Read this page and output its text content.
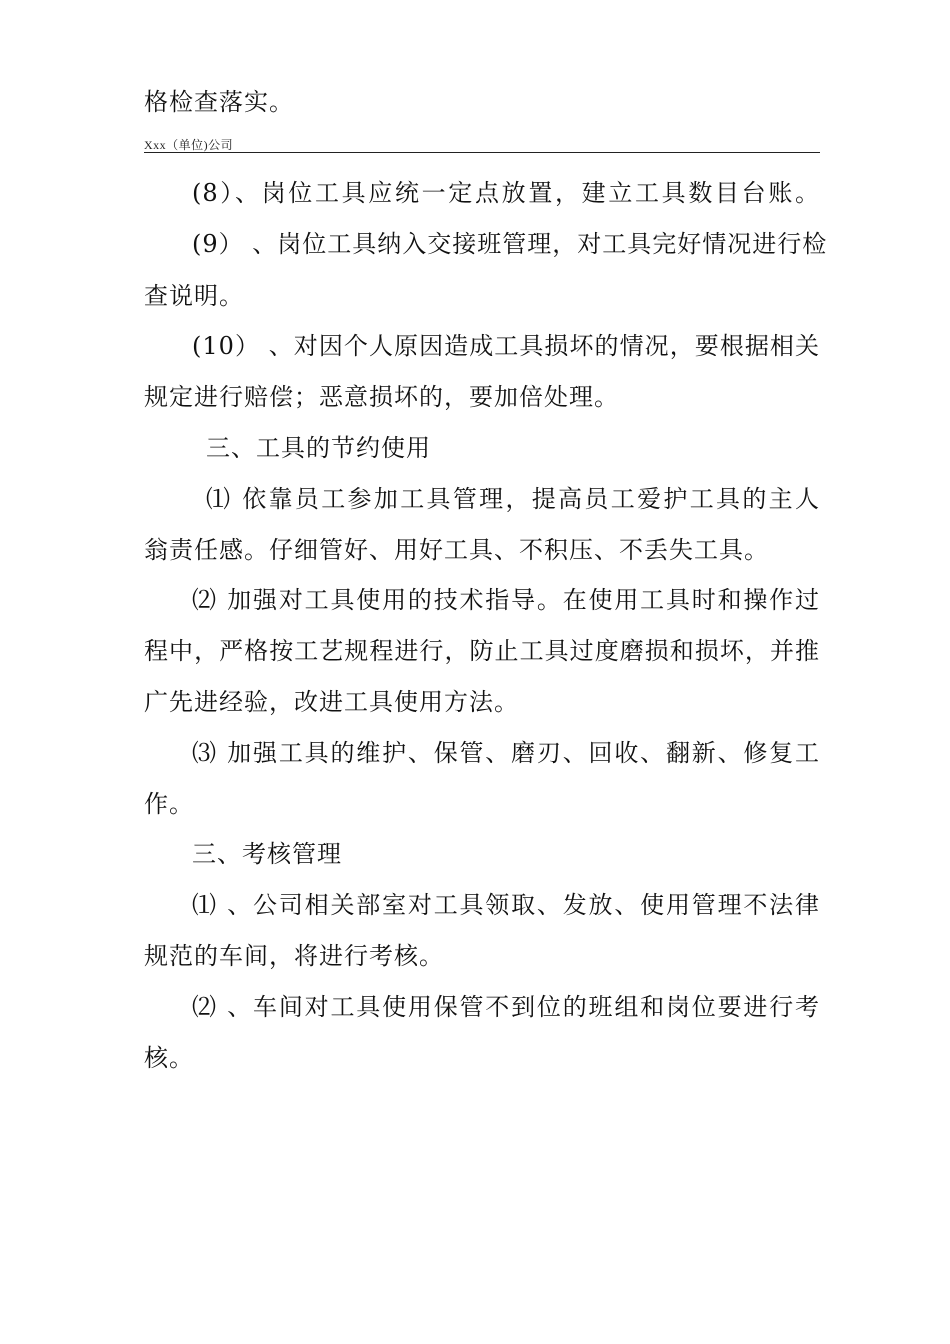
格检查落实。
Xxx（单位)公司
(8）、岗位工具应统一定点放置，建立工具数目台账。
(9） 、岗位工具纳入交接班管理，对工具完好情况进行检
查说明。
(10） 、对因个人原因造成工具损坏的情况，要根据相关
规定进行赔偿；恶意损坏的，要加倍处理。
三、工具的节约使用
⑴ 依靠员工参加工具管理，提高员工爱护工具的主人
翁责任感。仔细管好、用好工具、不积压、不丢失工具。
⑵ 加强对工具使用的技术指导。在使用工具时和操作过
程中，严格按工艺规程进行，防止工具过度磨损和损坏，并推
广先进经验，改进工具使用方法。
⑶ 加强工具的维护、保管、磨刃、回收、翻新、修复工
作。
三、考核管理
⑴ 、公司相关部室对工具领取、发放、使用管理不法律
规范的车间，将进行考核。
⑵ 、车间对工具使用保管不到位的班组和岗位要进行考
核。
